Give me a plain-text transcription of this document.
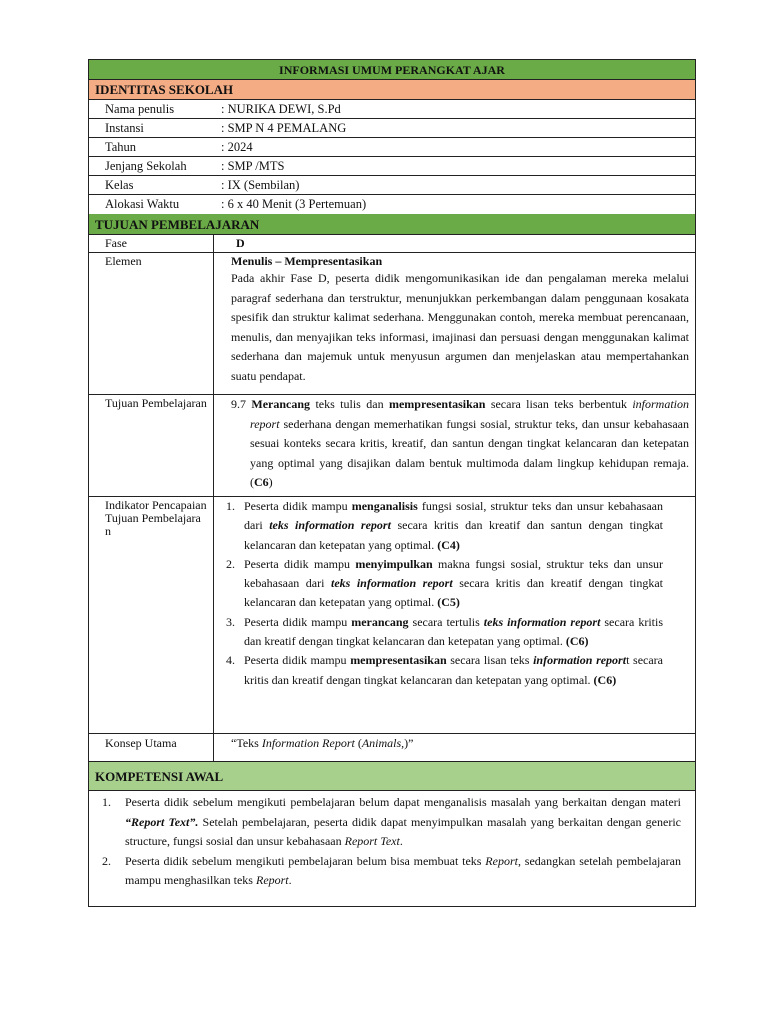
INFORMASI UMUM PERANGKAT AJAR
IDENTITAS SEKOLAH
Nama penulis	: NURIKA DEWI, S.Pd
Instansi	: SMP N 4 PEMALANG
Tahun	: 2024
Jenjang Sekolah	: SMP /MTS
Kelas	: IX (Sembilan)
Alokasi Waktu	: 6 x 40 Menit (3 Pertemuan)
TUJUAN PEMBELAJARAN
Fase	D
Elemen	Menulis – Mempresentasikan
Pada akhir Fase D, peserta didik mengomunikasikan ide dan pengalaman mereka melalui paragraf sederhana dan terstruktur, menunjukkan perkembangan dalam penggunaan kosakata spesifik dan struktur kalimat sederhana. Menggunakan contoh, mereka membuat perencanaan, menulis, dan menyajikan teks informasi, imajinasi dan persuasi dengan menggunakan kalimat sederhana dan majemuk untuk menyusun argumen dan menjelaskan atau mempertahankan suatu pendapat.
Tujuan Pembelajaran	9.7 Merancang teks tulis dan mempresentasikan secara lisan teks berbentuk information report sederhana dengan memerhatikan fungsi sosial, struktur teks, dan unsur kebahasaan sesuai konteks secara kritis, kreatif, dan santun dengan tingkat kelancaran dan ketepatan yang optimal yang disajikan dalam bentuk multimoda dalam lingkup kehidupan remaja. (C6)
Indikator Pencapaian Tujuan Pembelajara n
1. Peserta didik mampu menganalisis fungsi sosial, struktur teks dan unsur kebahasaan dari teks information report secara kritis dan kreatif dan santun dengan tingkat kelancaran dan ketepatan yang optimal. (C4)
2. Peserta didik mampu menyimpulkan makna fungsi sosial, struktur teks dan unsur kebahasaan dari teks information report secara kritis dan kreatif dengan tingkat kelancaran dan ketepatan yang optimal. (C5)
3. Peserta didik mampu merancang secara tertulis teks information report secara kritis dan kreatif dengan tingkat kelancaran dan ketepatan yang optimal. (C6)
4. Peserta didik mampu mempresentasikan secara lisan teks information reportt secara kritis dan kreatif dengan tingkat kelancaran dan ketepatan yang optimal. (C6)
Konsep Utama	“Teks Information Report (Animals,)”
KOMPETENSI AWAL
1. Peserta didik sebelum mengikuti pembelajaran belum dapat menganalisis masalah yang berkaitan dengan materi “Report Text”. Setelah pembelajaran, peserta didik dapat menyimpulkan masalah yang berkaitan dengan generic structure, fungsi sosial dan unsur kebahasaan Report Text.
2. Peserta didik sebelum mengikuti pembelajaran belum bisa membuat teks Report, sedangkan setelah pembelajaran mampu menghasilkan teks Report.
